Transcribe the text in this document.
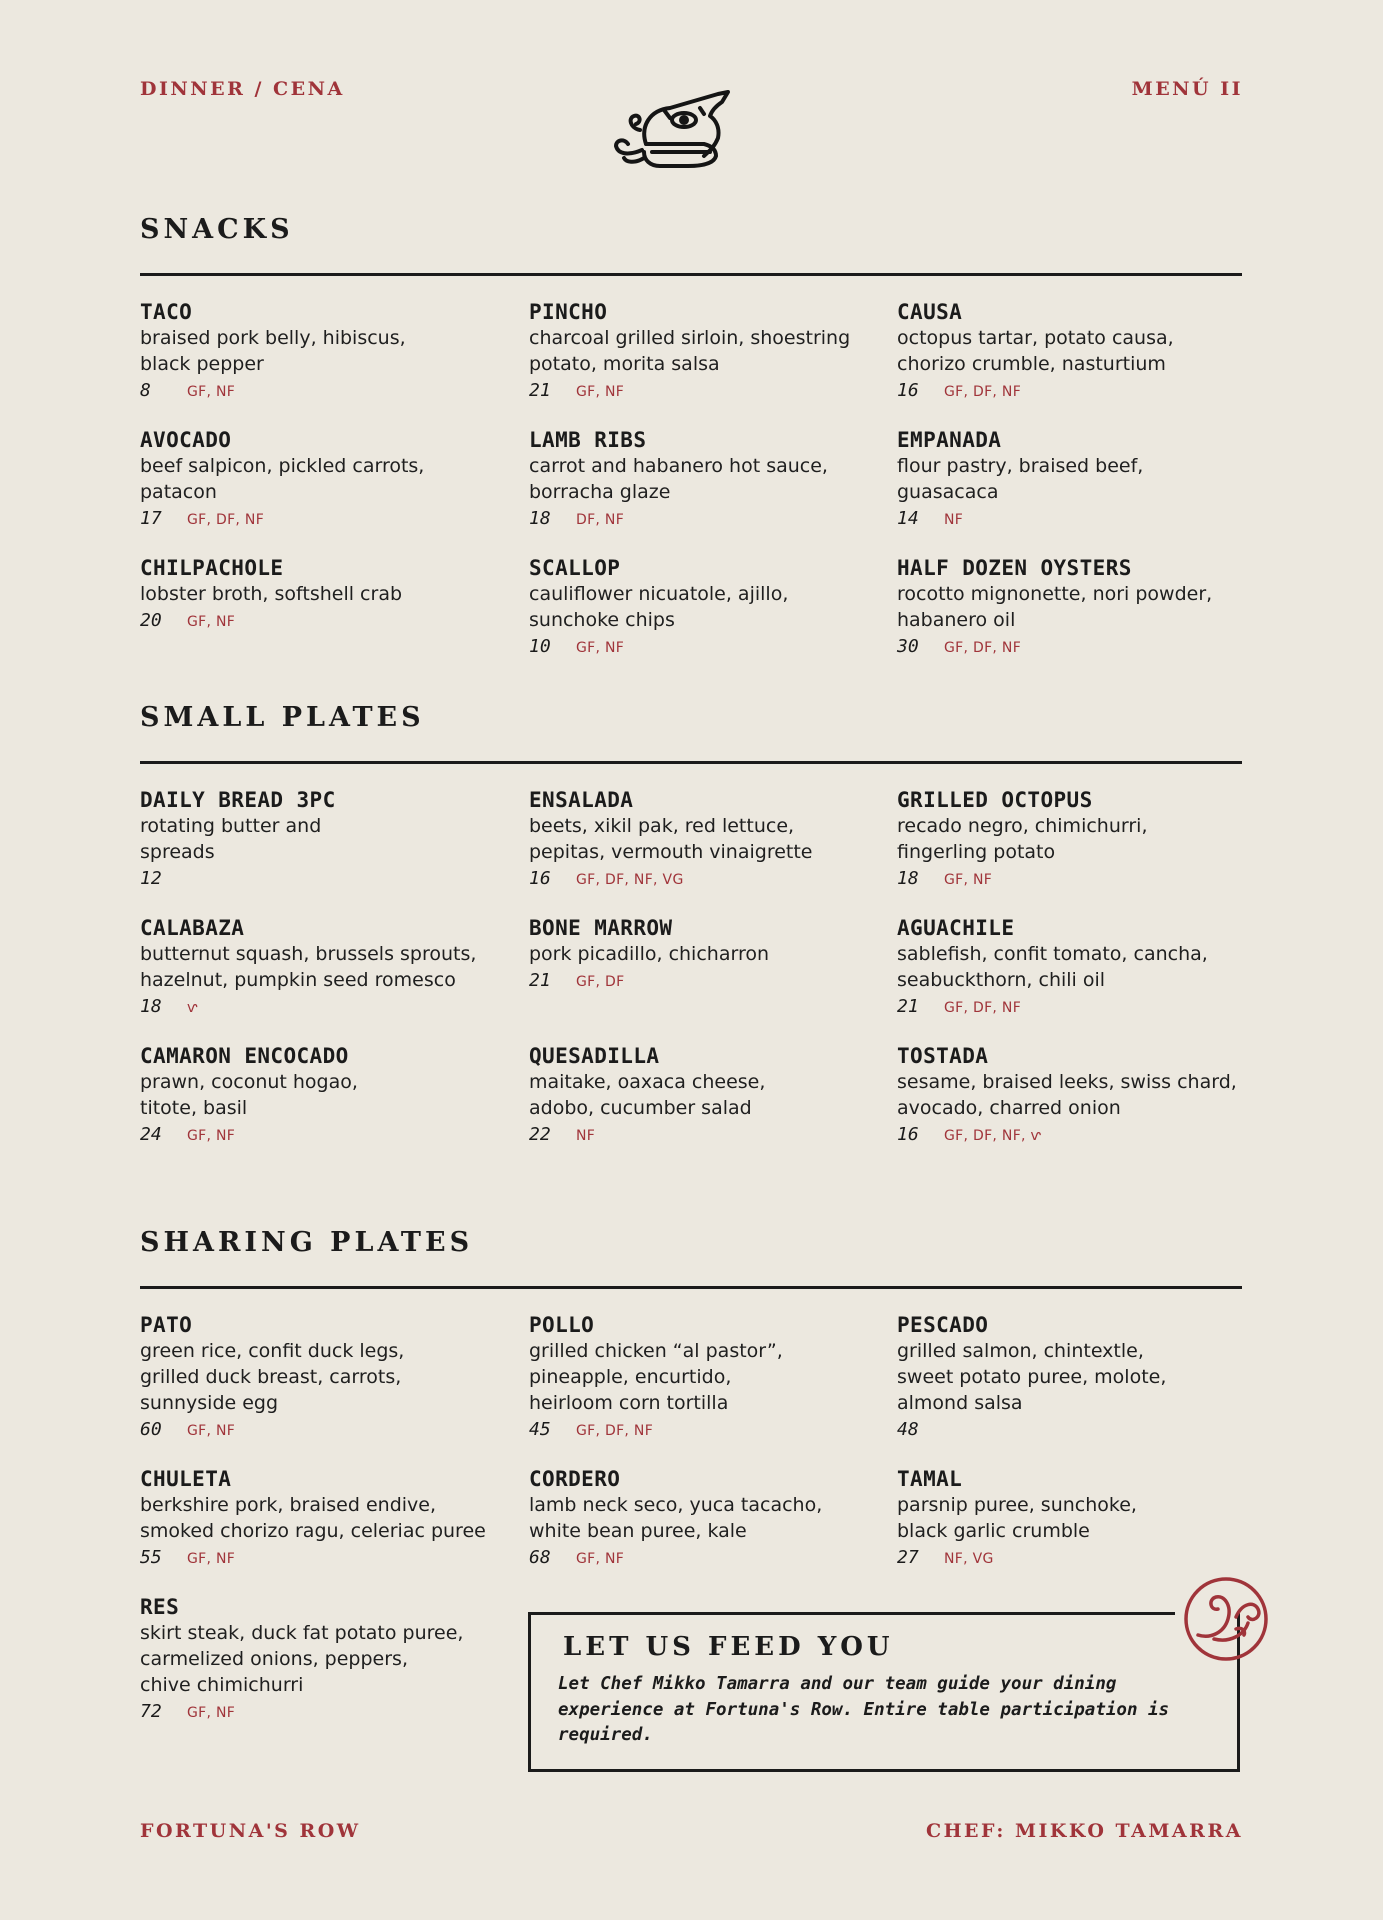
DINNER / CENA	MENÚ II
SNACKS
TACO
braised pork belly, hibiscus,
black pepper
8	GF, NF
PINCHO
charcoal grilled sirloin, shoestring
potato, morita salsa
21 GF, NF
CAUSA
octopus tartar, potato causa,
chorizo crumble, nasturtium
16 GF, DF, NF
AVOCADO
beef salpicon, pickled carrots,
patacon
17 GF, DF, NF
LAMB RIBS
carrot and habanero hot sauce,
borracha glaze
18 DF, NF
EMPANADA
flour pastry, braised beef,
guasacaca
14 NF
CHILPACHOLE
lobster broth, softshell crab
20 GF, NF
SCALLOP
cauliflower nicuatole, ajillo,
sunchoke chips
10 GF, NF
HALF DOZEN OYSTERS
rocotto mignonette, nori powder,
habanero oil
30 GF, DF, NF
SMALL PLATES
DAILY BREAD 3PC
rotating butter and
spreads
12
ENSALADA
beets, xikil pak, red lettuce,
pepitas, vermouth vinaigrette
16 GF, DF, NF, VG
GRILLED OCTOPUS
recado negro, chimichurri,
fingerling potato
18 GF, NF
CALABAZA
butternut squash, brussels sprouts,
hazelnut, pumpkin seed romesco
18 ⱱ
BONE MARROW
pork picadillo, chicharron
21 GF, DF
AGUACHILE
sablefish, confit tomato, cancha,
seabuckthorn, chili oil
21 GF, DF, NF
CAMARON ENCOCADO
prawn, coconut hogao,
titote, basil
24 GF, NF
QUESADILLA
maitake, oaxaca cheese,
adobo, cucumber salad
22 NF
TOSTADA
sesame, braised leeks, swiss chard,
avocado, charred onion
16 GF, DF, NF, ⱱ
SHARING PLATES
PATO
green rice, confit duck legs,
grilled duck breast, carrots,
sunnyside egg
60 GF, NF
POLLO
grilled chicken “al pastor”,
pineapple, encurtido,
heirloom corn tortilla
45 GF, DF, NF
PESCADO
grilled salmon, chintextle,
sweet potato puree, molote,
almond salsa
48
CHULETA
berkshire pork, braised endive,
smoked chorizo ragu, celeriac puree
55 GF, NF
CORDERO
lamb neck seco, yuca tacacho,
white bean puree, kale
68 GF, NF
TAMAL
parsnip puree, sunchoke,
black garlic crumble
27 NF, VG
RES
skirt steak, duck fat potato puree,
carmelized onions, peppers,
chive chimichurri
72 GF, NF
LET US FEED YOU
Let Chef Mikko Tamarra and our team guide your dining experience at Fortuna's Row. Entire table participation is required.
FORTUNA'S ROW	CHEF: MIKKO TAMARRA
